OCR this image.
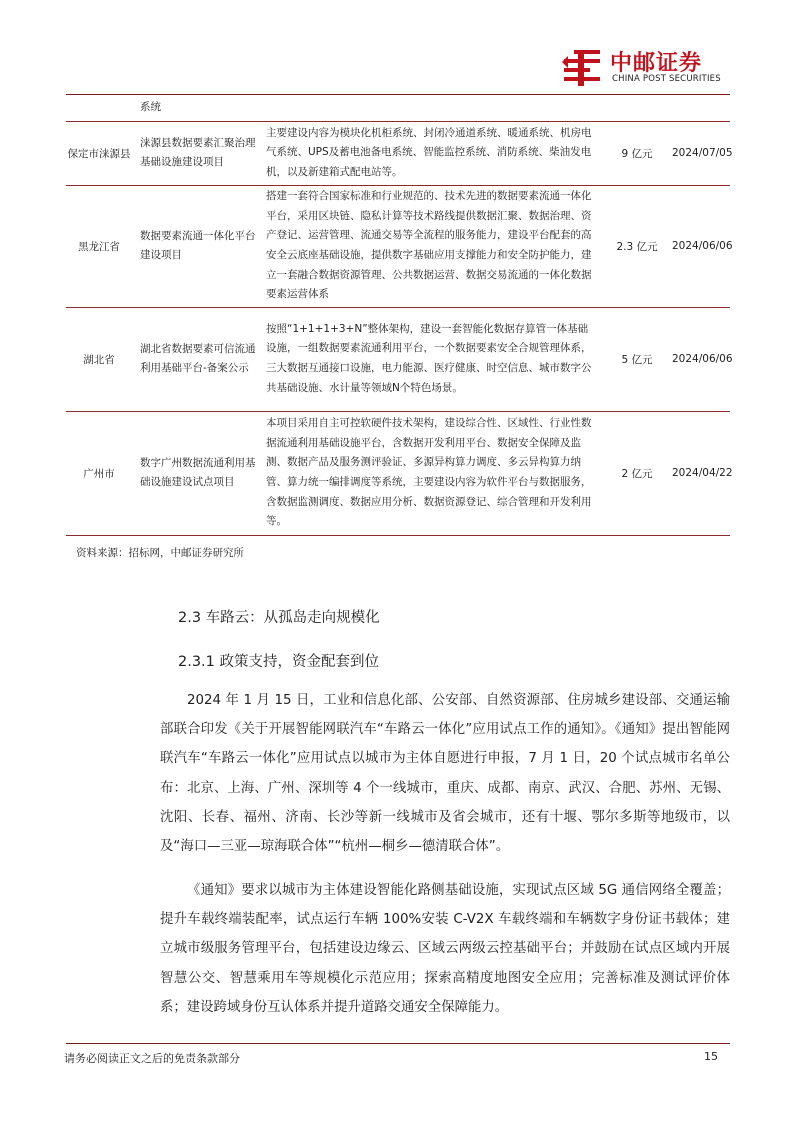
中邮证券
CHINA POST SECURITIES
	系统			
保定市涞源县	涞源县数据要素汇聚治理基础设施建设项目	主要建设内容为模块化机柜系统、封闭冷通道系统、暖通系统、机房电气系统、UPS及蓄电池备电系统、智能监控系统、消防系统、柴油发电机，以及新建箱式配电站等。	9 亿元	2024/07/05
黑龙江省	数据要素流通一体化平台建设项目	搭建一套符合国家标准和行业规范的、技术先进的数据要素流通一体化平台，采用区块链、隐私计算等技术路线提供数据汇聚、数据治理、资产登记、运营管理、流通交易等全流程的服务能力，建设平台配套的高安全云底座基础设施，提供数字基础应用支撑能力和安全防护能力，建立一套融合数据资源管理、公共数据运营、数据交易流通的一体化数据要素运营体系	2.3 亿元	2024/06/06
湖北省	湖北省数据要素可信流通利用基础平台-备案公示	按照“1+1+1+3+N”整体架构，建设一套智能化数据存算管一体基础设施，一组数据要素流通利用平台，一个数据要素安全合规管理体系，三大数据互通接口设施，电力能源、医疗健康、时空信息、城市数字公共基础设施、水计量等领域N个特色场景。	5 亿元	2024/06/06
广州市	数字广州数据流通利用基础设施建设试点项目	本项目采用自主可控软硬件技术架构，建设综合性、区域性、行业性数据流通利用基础设施平台，含数据开发利用平台、数据安全保障及监测、数据产品及服务测评验证、多源异构算力调度、多云异构算力纳管、算力统一编排调度等系统，主要建设内容为软件平台与数据服务，含数据监测调度、数据应用分析、数据资源登记、综合管理和开发利用等。	2 亿元	2024/04/22
资料来源：招标网，中邮证券研究所
2.3 车路云：从孤岛走向规模化
2.3.1 政策支持，资金配套到位

2024 年 1 月 15 日，工业和信息化部、公安部、自然资源部、住房城乡建设部、交通运输部联合印发《关于开展智能网联汽车“车路云一体化”应用试点工作的通知》。《通知》提出智能网联汽车“车路云一体化”应用试点以城市为主体自愿进行申报，7 月 1 日，20 个试点城市名单公布：北京、上海、广州、深圳等 4 个一线城市，重庆、成都、南京、武汉、合肥、苏州、无锡、沈阳、长春、福州、济南、长沙等新一线城市及省会城市，还有十堰、鄂尔多斯等地级市，以及“海口—三亚—琼海联合体”“杭州—桐乡—德清联合体”。

《通知》要求以城市为主体建设智能化路侧基础设施，实现试点区域 5G 通信网络全覆盖；提升车载终端装配率，试点运行车辆 100%安装 C-V2X 车载终端和车辆数字身份证书载体；建立城市级服务管理平台，包括建设边缘云、区域云两级云控基础平台；并鼓励在试点区域内开展智慧公交、智慧乘用车等规模化示范应用；探索高精度地图安全应用；完善标准及测试评价体系；建设跨域身份互认体系并提升道路交通安全保障能力。

请务必阅读正文之后的免责条款部分	15
